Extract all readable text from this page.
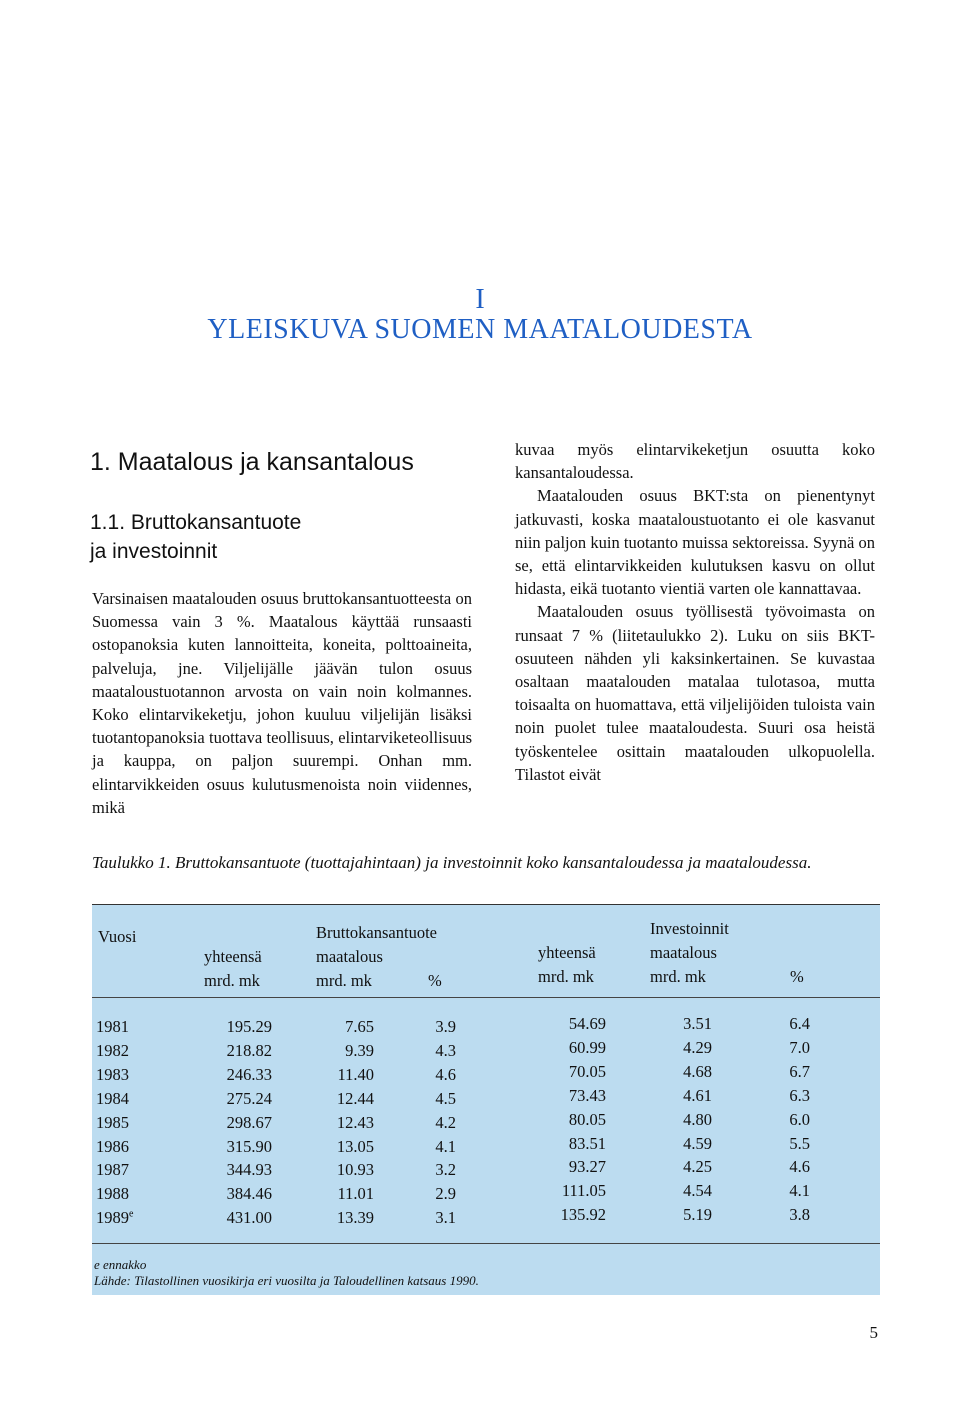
I
YLEISKUVA SUOMEN MAATALOUDESTA
1. Maatalous ja kansantalous
1.1. Bruttokansantuote
ja investoinnit

Varsinaisen maatalouden osuus bruttokansantuotteesta on Suomessa vain 3 %. Maatalous käyttää runsaasti ostopanoksia kuten lannoitteita, koneita, polttoaineita, palveluja, jne. Viljelijälle jäävän tulon osuus maataloustuotannon arvosta on vain noin kolmannes. Koko elintarvikeketju, johon kuuluu viljelijän lisäksi tuotantopanoksia tuottava teollisuus, elintarviketeollisuus ja kauppa, on paljon suurempi. Onhan mm. elintarvikkeiden osuus kulutusmenoista noin viidennes, mikä

kuvaa myös elintarvikeketjun osuutta koko kansantaloudessa.

Maatalouden osuus BKT:sta on pienentynyt jatkuvasti, koska maataloustuotanto ei ole kasvanut niin paljon kuin tuotanto muissa sektoreissa. Syynä on se, että elintarvikkeiden kulutuksen kasvu on ollut hidasta, eikä tuotanto vientiä varten ole kannattavaa.

Maatalouden osuus työllisestä työvoimasta on runsaat 7 % (liitetaulukko 2). Luku on siis BKT-osuuteen nähden yli kaksinkertainen. Se kuvastaa osaltaan maatalouden matalaa tulotasoa, mutta toisaalta on huomattava, että viljelijöiden tuloista vain noin puolet tulee maataloudesta. Suuri osa heistä työskentelee osittain maatalouden ulkopuolella. Tilastot eivät

Taulukko 1. Bruttokansantuote (tuottajahintaan) ja investoinnit koko kansantaloudessa ja maataloudessa.
Vuosi	Bruttokansantuote	Investoinnit
yhteensä	maatalous	yhteensä	maatalous
mrd. mk	mrd. mk	%	mrd. mk	mrd. mk	%
1981	195.29	7.65	3.9	54.69	3.51	6.4
1982	218.82	9.39	4.3	60.99	4.29	7.0
1983	246.33	11.40	4.6	70.05	4.68	6.7
1984	275.24	12.44	4.5	73.43	4.61	6.3
1985	298.67	12.43	4.2	80.05	4.80	6.0
1986	315.90	13.05	4.1	83.51	4.59	5.5
1987	344.93	10.93	3.2	93.27	4.25	4.6
1988	384.46	11.01	2.9	111.05	4.54	4.1
1989e	431.00	13.39	3.1	135.92	5.19	3.8
e ennakko
Lähde: Tilastollinen vuosikirja eri vuosilta ja Taloudellinen katsaus 1990.
5
